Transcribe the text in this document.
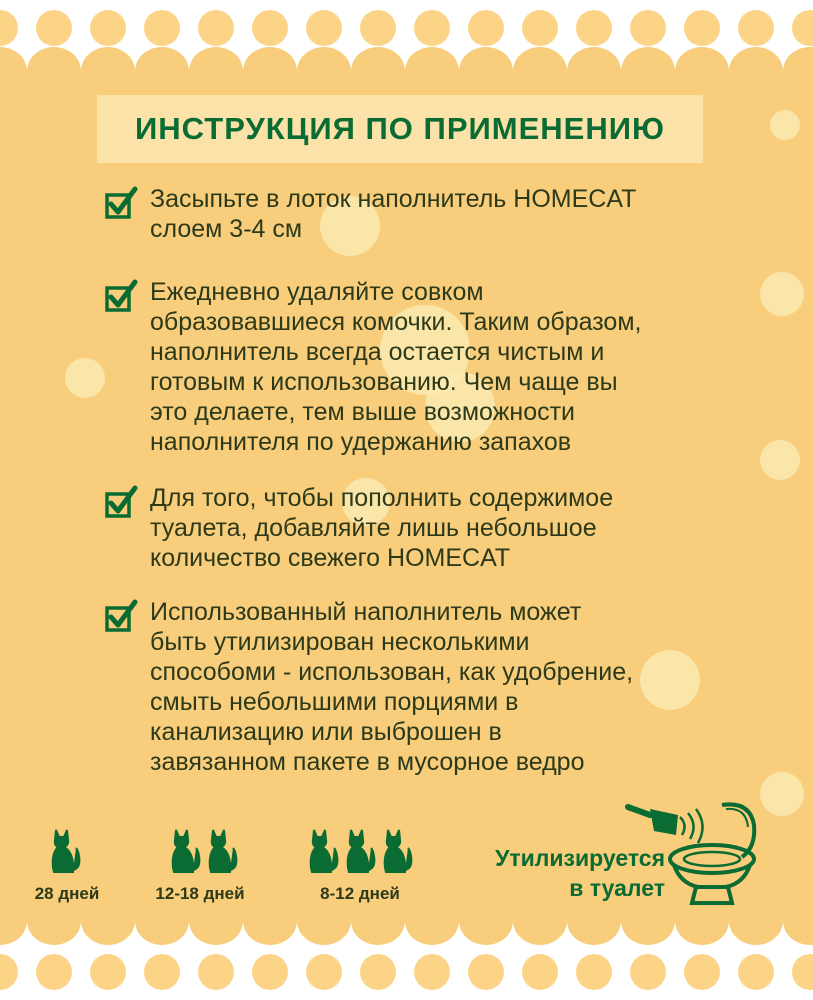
ИНСТРУКЦИЯ ПО ПРИМЕНЕНИЮ
Засыпьте в лоток наполнитель HOMECAT
слоем 3-4 см
Ежедневно удаляйте совком
образовавшиеся комочки. Таким образом,
наполнитель всегда остается чистым и
готовым к использованию. Чем чаще вы
это делаете, тем выше возможности
наполнителя по удержанию запахов
Для того, чтобы пополнить содержимое
туалета, добавляйте лишь небольшое
количество свежего HOMECAT
Использованный наполнитель может
быть утилизирован несколькими
способоми - использован, как удобрение,
смыть небольшими порциями в
канализацию или выброшен в
завязанном пакете в мусорное ведро
28 дней	12-18 дней	8-12 дней
Утилизируется
в туалет
